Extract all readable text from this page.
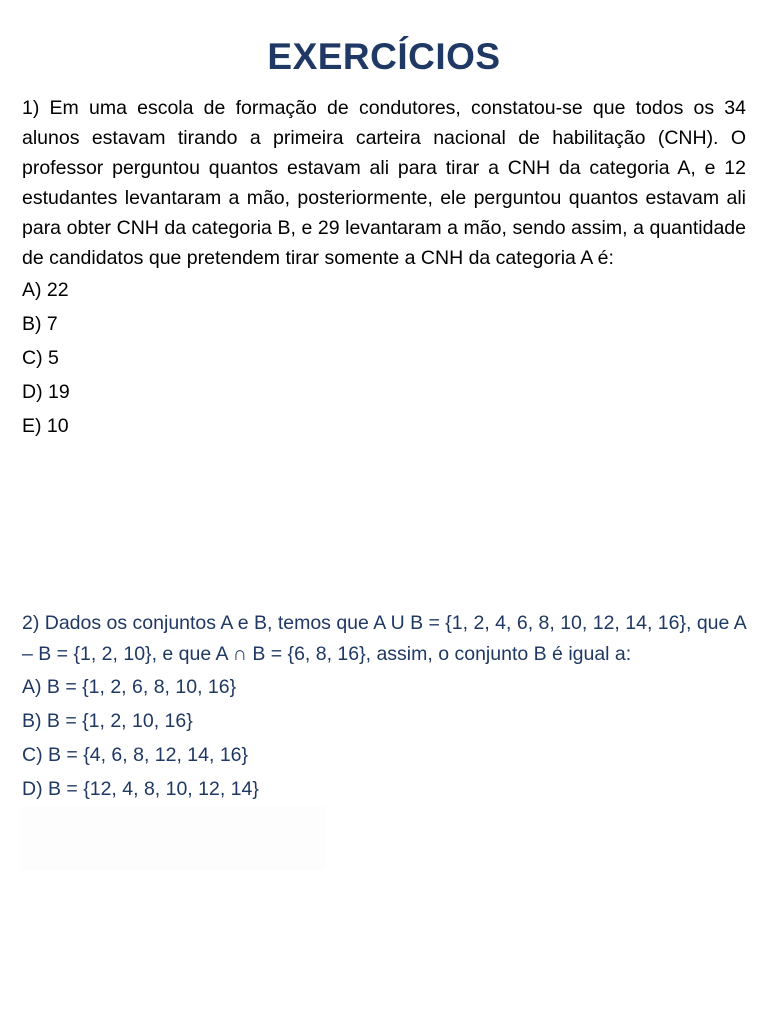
EXERCÍCIOS

1) Em uma escola de formação de condutores, constatou-se que todos os 34 alunos estavam tirando a primeira carteira nacional de habilitação (CNH). O professor perguntou quantos estavam ali para tirar a CNH da categoria A, e 12 estudantes levantaram a mão, posteriormente, ele perguntou quantos estavam ali para obter CNH da categoria B, e 29 levantaram a mão, sendo assim, a quantidade de candidatos que pretendem tirar somente a CNH da categoria A é:

A) 22
B) 7
C) 5
D) 19
E) 10

2) Dados os conjuntos A e B, temos que A U B = {1, 2, 4, 6, 8, 10, 12, 14, 16}, que A – B = {1, 2, 10}, e que A ∩ B = {6, 8, 16}, assim, o conjunto B é igual a:

A) B = {1, 2, 6, 8, 10, 16}
B) B = {1, 2, 10, 16}
C) B = {4, 6, 8, 12, 14, 16}
D) B = {12, 4, 8, 10, 12, 14}
